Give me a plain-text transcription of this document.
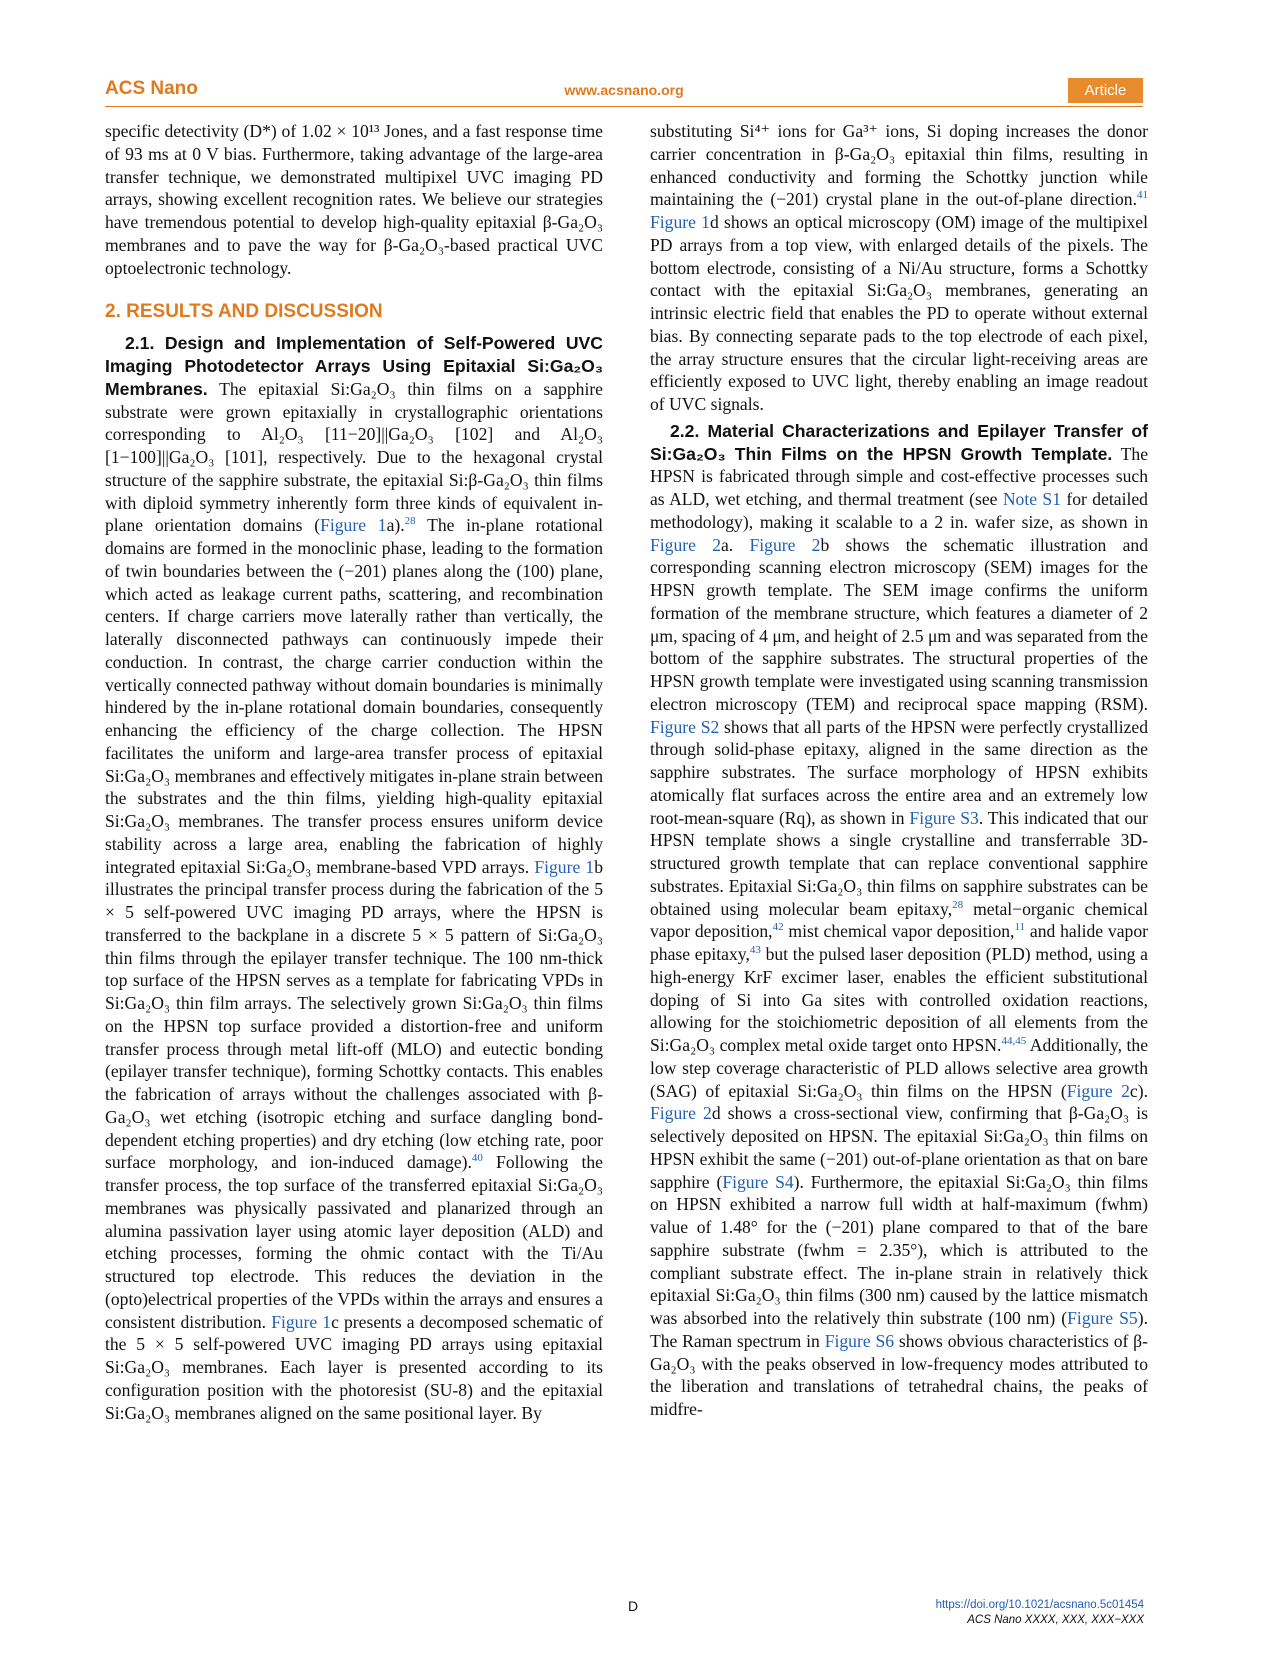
ACS Nano	www.acsnano.org	Article

specific detectivity (D*) of 1.02 × 10¹³ Jones, and a fast response time of 93 ms at 0 V bias. Furthermore, taking advantage of the large-area transfer technique, we demonstrated multipixel UVC imaging PD arrays, showing excellent recognition rates. We believe our strategies have tremendous potential to develop high-quality epitaxial β-Ga₂O₃ membranes and to pave the way for β-Ga₂O₃-based practical UVC optoelectronic technology.

2. RESULTS AND DISCUSSION

2.1. Design and Implementation of Self-Powered UVC Imaging Photodetector Arrays Using Epitaxial Si:Ga₂O₃ Membranes. The epitaxial Si:Ga₂O₃ thin films on a sapphire substrate were grown epitaxially in crystallographic orientations corresponding to Al₂O₃ [11−20]||Ga₂O₃ [102] and Al₂O₃ [1−100]||Ga₂O₃ [101], respectively. Due to the hexagonal crystal structure of the sapphire substrate, the epitaxial Si:β-Ga₂O₃ thin films with diploid symmetry inherently form three kinds of equivalent in-plane orientation domains (Figure 1a).$^{28}$ The in-plane rotational domains are formed in the monoclinic phase, leading to the formation of twin boundaries between the (−201) planes along the (100) plane, which acted as leakage current paths, scattering, and recombination centers. If charge carriers move laterally rather than vertically, the laterally disconnected pathways can continuously impede their conduction. In contrast, the charge carrier conduction within the vertically connected pathway without domain boundaries is minimally hindered by the in-plane rotational domain boundaries, consequently enhancing the efficiency of the charge collection. The HPSN facilitates the uniform and large-area transfer process of epitaxial Si:Ga₂O₃ membranes and effectively mitigates in-plane strain between the substrates and the thin films, yielding high-quality epitaxial Si:Ga₂O₃ membranes. The transfer process ensures uniform device stability across a large area, enabling the fabrication of highly integrated epitaxial Si:Ga₂O₃ membrane-based VPD arrays. Figure 1b illustrates the principal transfer process during the fabrication of the 5 × 5 self-powered UVC imaging PD arrays, where the HPSN is transferred to the backplane in a discrete 5 × 5 pattern of Si:Ga₂O₃ thin films through the epilayer transfer technique. The 100 nm-thick top surface of the HPSN serves as a template for fabricating VPDs in Si:Ga₂O₃ thin film arrays. The selectively grown Si:Ga₂O₃ thin films on the HPSN top surface provided a distortion-free and uniform transfer process through metal lift-off (MLO) and eutectic bonding (epilayer transfer technique), forming Schottky contacts. This enables the fabrication of arrays without the challenges associated with β-Ga₂O₃ wet etching (isotropic etching and surface dangling bond-dependent etching properties) and dry etching (low etching rate, poor surface morphology, and ion-induced damage).$^{40}$ Following the transfer process, the top surface of the transferred epitaxial Si:Ga₂O₃ membranes was physically passivated and planarized through an alumina passivation layer using atomic layer deposition (ALD) and etching processes, forming the ohmic contact with the Ti/Au structured top electrode. This reduces the deviation in the (opto)electrical properties of the VPDs within the arrays and ensures a consistent distribution. Figure 1c presents a decomposed schematic of the 5 × 5 self-powered UVC imaging PD arrays using epitaxial Si:Ga₂O₃ membranes. Each layer is presented according to its configuration position with the photoresist (SU-8) and the epitaxial Si:Ga₂O₃ membranes aligned on the same positional layer. By

substituting Si⁴⁺ ions for Ga³⁺ ions, Si doping increases the donor carrier concentration in β-Ga₂O₃ epitaxial thin films, resulting in enhanced conductivity and forming the Schottky junction while maintaining the (−201) crystal plane in the out-of-plane direction.$^{41}$ Figure 1d shows an optical microscopy (OM) image of the multipixel PD arrays from a top view, with enlarged details of the pixels. The bottom electrode, consisting of a Ni/Au structure, forms a Schottky contact with the epitaxial Si:Ga₂O₃ membranes, generating an intrinsic electric field that enables the PD to operate without external bias. By connecting separate pads to the top electrode of each pixel, the array structure ensures that the circular light-receiving areas are efficiently exposed to UVC light, thereby enabling an image readout of UVC signals.

2.2. Material Characterizations and Epilayer Transfer of Si:Ga₂O₃ Thin Films on the HPSN Growth Template. The HPSN is fabricated through simple and cost-effective processes such as ALD, wet etching, and thermal treatment (see Note S1 for detailed methodology), making it scalable to a 2 in. wafer size, as shown in Figure 2a. Figure 2b shows the schematic illustration and corresponding scanning electron microscopy (SEM) images for the HPSN growth template. The SEM image confirms the uniform formation of the membrane structure, which features a diameter of 2 μm, spacing of 4 μm, and height of 2.5 μm and was separated from the bottom of the sapphire substrates. The structural properties of the HPSN growth template were investigated using scanning transmission electron microscopy (TEM) and reciprocal space mapping (RSM). Figure S2 shows that all parts of the HPSN were perfectly crystallized through solid-phase epitaxy, aligned in the same direction as the sapphire substrates. The surface morphology of HPSN exhibits atomically flat surfaces across the entire area and an extremely low root-mean-square (Rq), as shown in Figure S3. This indicated that our HPSN template shows a single crystalline and transferrable 3D-structured growth template that can replace conventional sapphire substrates. Epitaxial Si:Ga₂O₃ thin films on sapphire substrates can be obtained using molecular beam epitaxy,$^{28}$ metal−organic chemical vapor deposition,$^{42}$ mist chemical vapor deposition,$^{11}$ and halide vapor phase epitaxy,$^{43}$ but the pulsed laser deposition (PLD) method, using a high-energy KrF excimer laser, enables the efficient substitutional doping of Si into Ga sites with controlled oxidation reactions, allowing for the stoichiometric deposition of all elements from the Si:Ga₂O₃ complex metal oxide target onto HPSN.$^{44,45}$ Additionally, the low step coverage characteristic of PLD allows selective area growth (SAG) of epitaxial Si:Ga₂O₃ thin films on the HPSN (Figure 2c). Figure 2d shows a cross-sectional view, confirming that β-Ga₂O₃ is selectively deposited on HPSN. The epitaxial Si:Ga₂O₃ thin films on HPSN exhibit the same (−201) out-of-plane orientation as that on bare sapphire (Figure S4). Furthermore, the epitaxial Si:Ga₂O₃ thin films on HPSN exhibited a narrow full width at half-maximum (fwhm) value of 1.48° for the (−201) plane compared to that of the bare sapphire substrate (fwhm = 2.35°), which is attributed to the compliant substrate effect. The in-plane strain in relatively thick epitaxial Si:Ga₂O₃ thin films (300 nm) caused by the lattice mismatch was absorbed into the relatively thin substrate (100 nm) (Figure S5). The Raman spectrum in Figure S6 shows obvious characteristics of β-Ga₂O₃ with the peaks observed in low-frequency modes attributed to the liberation and translations of tetrahedral chains, the peaks of midfre-

D	https://doi.org/10.1021/acsnano.5c01454
ACS Nano XXXX, XXX, XXX−XXX
